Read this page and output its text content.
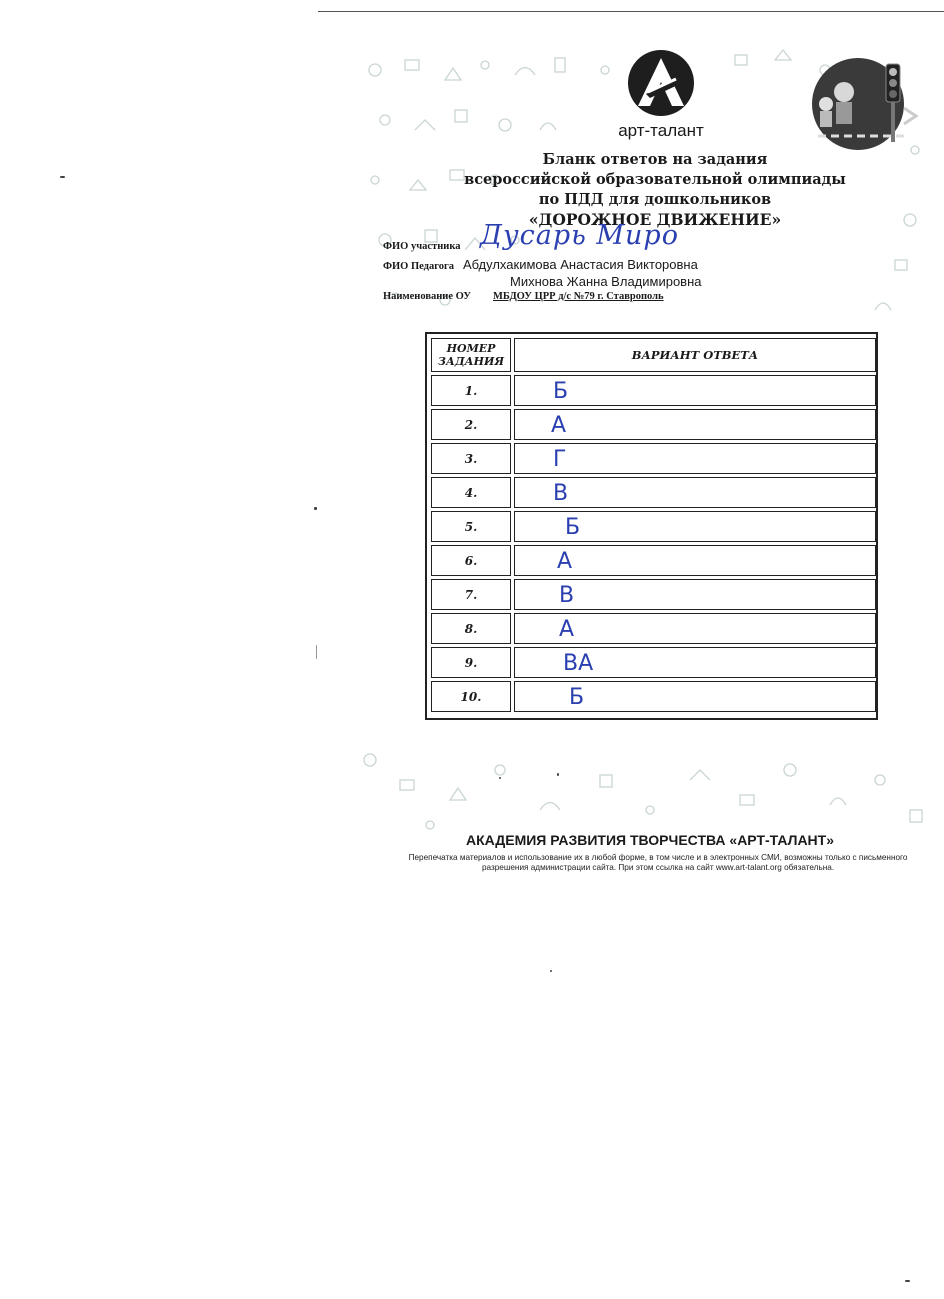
арт-талант
Бланк ответов на задания
всероссийской образовательной олимпиады
по ПДД для дошкольников
«ДОРОЖНОЕ ДВИЖЕНИЕ»
ФИО участника Дусарь Миро
ФИО Педагога Абдулхакимова Анастасия Викторовна
Михнова Жанна Владимировна
Наименование ОУ МБДОУ ЦРР д/с №79 г. Ставрополь
НОМЕР
ЗАДАНИЯ	ВАРИАНТ ОТВЕТА
1.	Б
2.	А
3.	Г
4.	В
5.	Б
6.	А
7.	В
8.	А
9.	ВА
10.	Б
АКАДЕМИЯ РАЗВИТИЯ ТВОРЧЕСТВА «АРТ-ТАЛАНТ»
Перепечатка материалов и использование их в любой форме, в том числе и в электронных СМИ, возможны только с письменного
разрешения администрации сайта. При этом ссылка на сайт www.art-talant.org обязательна.
